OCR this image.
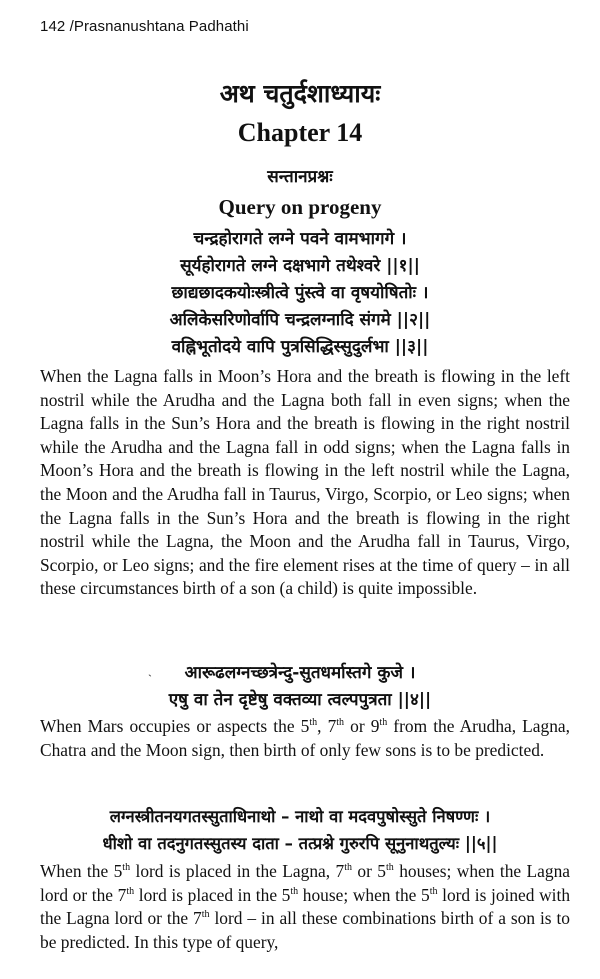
142 /Prasnanushtana Padhathi
अथ चतुर्दशाध्यायः
Chapter 14
सन्तानप्रश्नः
Query on progeny
चन्द्रहोरागते लग्ने पवने वामभागगे ।
सूर्यहोरागते लग्ने दक्षभागे तथेश्वरे ||१||
छाद्यछादकयोःस्त्रीत्वे पुंस्त्वे वा वृषयोषितोः ।
अलिकेसरिणोर्वापि चन्द्रलग्नादि संगमे ||२||
वह्निभूतोदये वापि पुत्रसिद्धिस्सुदुर्लभा ||३||
When the Lagna falls in Moon’s Hora and the breath is flowing in the left nostril while the Arudha and the Lagna both fall in even signs; when the Lagna falls in the Sun’s Hora and the breath is flowing in the right nostril while the Arudha and the Lagna fall in odd signs; when the Lagna falls in Moon’s Hora and the breath is flowing in the left nostril while the Lagna, the Moon and the Arudha fall in Taurus, Virgo, Scorpio, or Leo signs; when the Lagna falls in the Sun’s Hora and the breath is flowing in the right nostril while the Lagna, the Moon and the Arudha fall in Taurus, Virgo, Scorpio, or Leo signs; and the fire element rises at the time of query – in all these circumstances birth of a son (a child) is quite impossible.
`	आरूढलग्नच्छत्रेन्दु-सुतधर्मास्तगे कुजे ।
एषु वा तेन दृष्टेषु वक्तव्या त्वल्पपुत्रता ||४||
When Mars occupies or aspects the 5th, 7th or 9th from the Arudha, Lagna, Chatra and the Moon sign, then birth of only few sons is to be predicted.
लग्नस्त्रीतनयगतस्सुताधिनाथो – नाथो वा मदवपुषोस्सुते निषण्णः ।
धीशो वा तदनुगतस्सुतस्य दाता – तत्प्रश्ने गुरुरपि सूनुनाथतुल्यः ||५||
When the 5th lord is placed in the Lagna, 7th or 5th houses; when the Lagna lord or the 7th lord is placed in the 5th house; when the 5th lord is joined with the Lagna lord or the 7th lord – in all these combinations birth of a son is to be predicted. In this type of query,
